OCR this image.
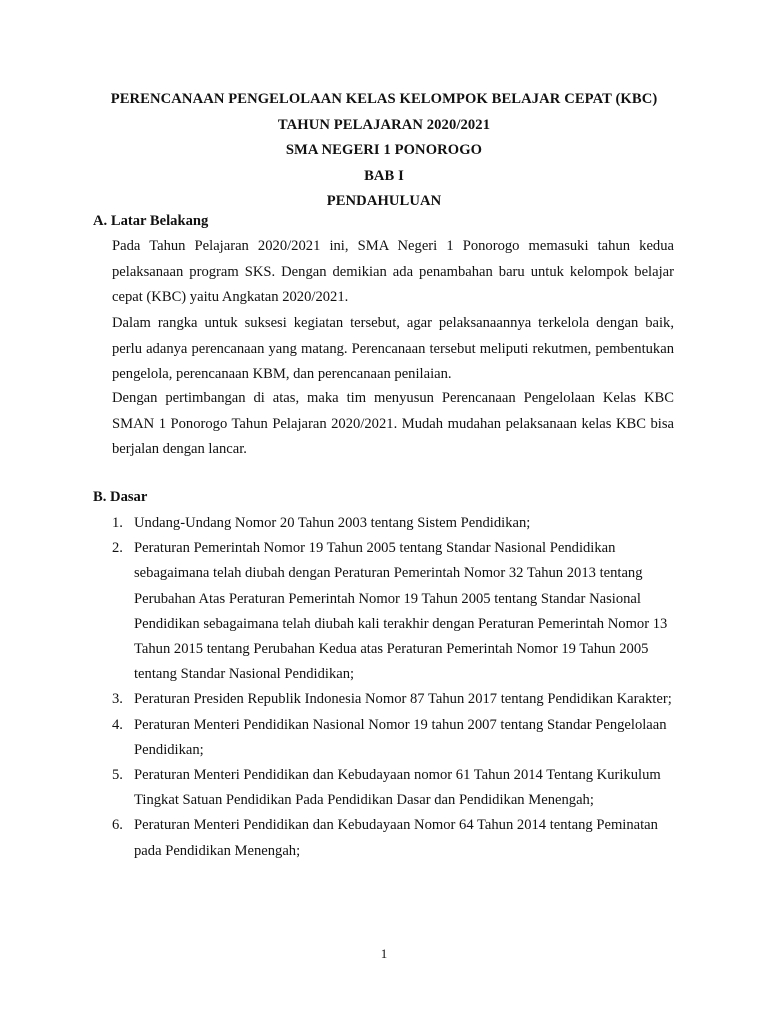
PERENCANAAN PENGELOLAAN KELAS KELOMPOK BELAJAR CEPAT (KBC)
TAHUN PELAJARAN 2020/2021
SMA NEGERI 1 PONOROGO
BAB I
PENDAHULUAN
A. Latar Belakang
Pada Tahun Pelajaran 2020/2021 ini, SMA Negeri 1 Ponorogo memasuki tahun kedua pelaksanaan program SKS. Dengan demikian ada penambahan baru untuk kelompok belajar cepat (KBC) yaitu Angkatan 2020/2021.
Dalam rangka untuk suksesi kegiatan tersebut, agar pelaksanaannya terkelola dengan baik, perlu adanya perencanaan yang matang. Perencanaan tersebut meliputi rekutmen, pembentukan pengelola, perencanaan KBM, dan perencanaan penilaian.
Dengan pertimbangan di atas, maka tim menyusun Perencanaan Pengelolaan Kelas KBC SMAN 1 Ponorogo Tahun Pelajaran 2020/2021. Mudah mudahan pelaksanaan kelas KBC bisa berjalan dengan lancar.
B. Dasar
1. Undang-Undang Nomor 20 Tahun 2003 tentang Sistem Pendidikan;
2. Peraturan Pemerintah Nomor 19 Tahun 2005 tentang Standar Nasional Pendidikan sebagaimana telah diubah dengan Peraturan Pemerintah Nomor 32 Tahun 2013 tentang Perubahan Atas Peraturan Pemerintah Nomor 19 Tahun 2005 tentang Standar Nasional Pendidikan sebagaimana telah diubah kali terakhir dengan Peraturan Pemerintah Nomor 13 Tahun 2015 tentang Perubahan Kedua atas Peraturan Pemerintah Nomor 19 Tahun 2005 tentang Standar Nasional Pendidikan;
3. Peraturan Presiden Republik Indonesia Nomor 87 Tahun 2017 tentang Pendidikan Karakter;
4. Peraturan Menteri Pendidikan Nasional Nomor 19 tahun 2007 tentang Standar Pengelolaan Pendidikan;
5. Peraturan Menteri Pendidikan dan Kebudayaan nomor 61 Tahun 2014 Tentang Kurikulum Tingkat Satuan Pendidikan Pada Pendidikan Dasar dan Pendidikan Menengah;
6. Peraturan Menteri Pendidikan dan Kebudayaan Nomor 64 Tahun 2014 tentang Peminatan pada Pendidikan Menengah;
1
